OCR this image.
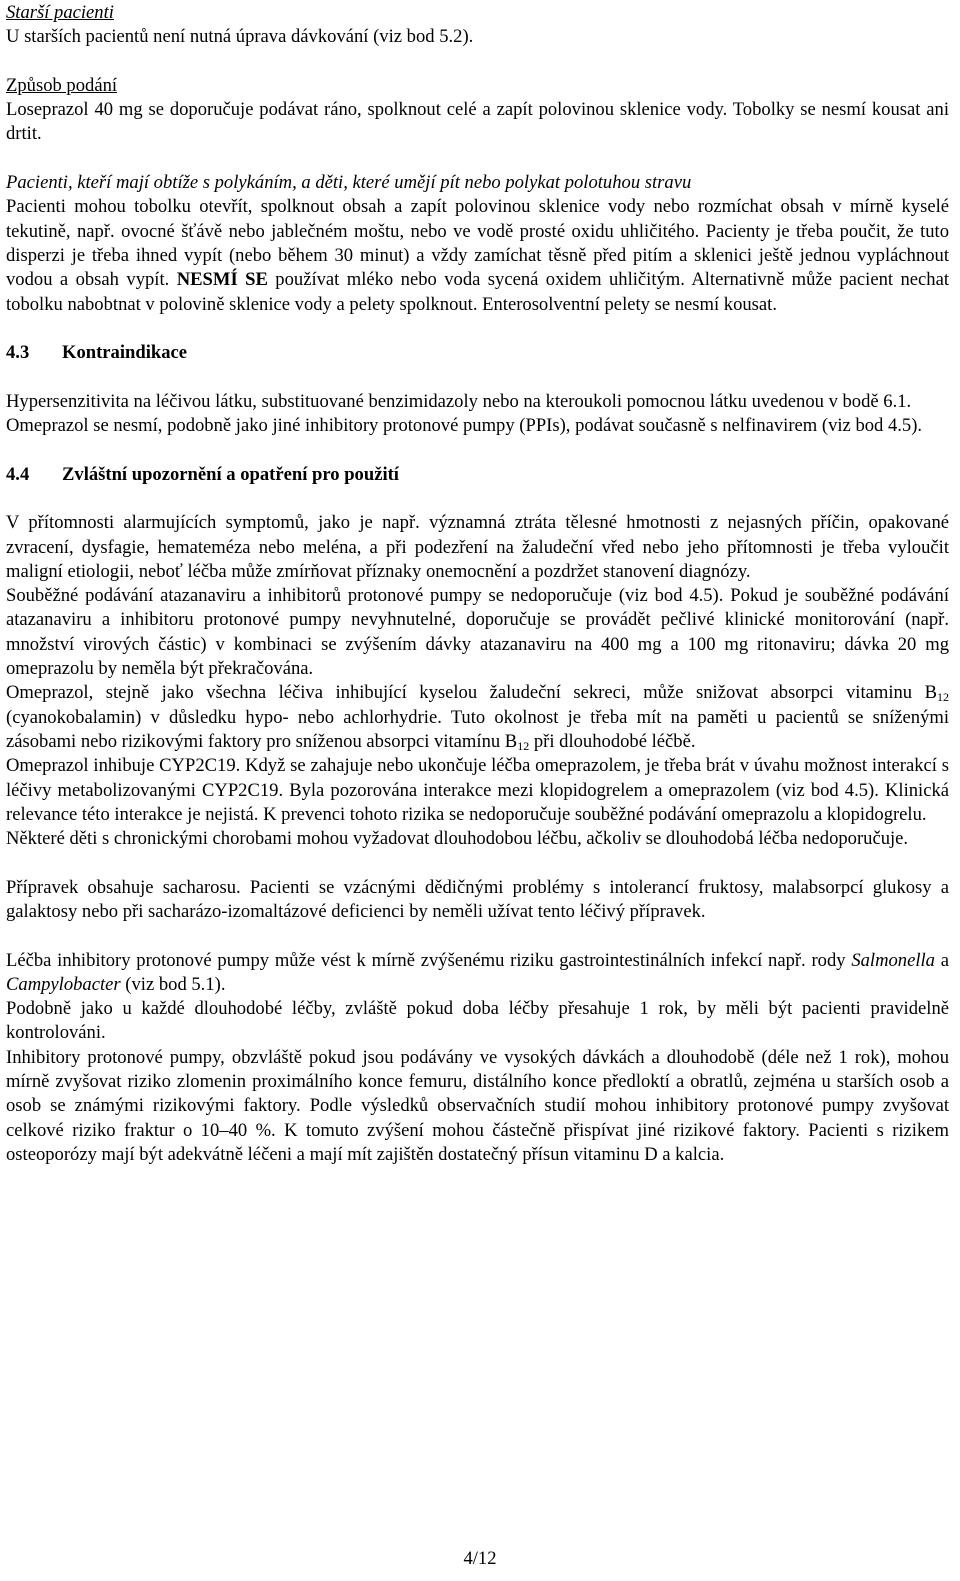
Starší pacienti

U starších pacientů není nutná úprava dávkování (viz bod 5.2).

Způsob podání

Loseprazol 40 mg se doporučuje podávat ráno, spolknout celé a zapít polovinou sklenice vody. Tobolky se nesmí kousat ani drtit.

Pacienti, kteří mají obtíže s polykáním, a děti, které umějí pít nebo polykat polotuhou stravu

Pacienti mohou tobolku otevřít, spolknout obsah a zapít polovinou sklenice vody nebo rozmíchat obsah v mírně kyselé tekutině, např. ovocné šťávě nebo jablečném moštu, nebo ve vodě prosté oxidu uhličitého. Pacienty je třeba poučit, že tuto disperzi je třeba ihned vypít (nebo během 30 minut) a vždy zamíchat těsně před pitím a sklenici ještě jednou vypláchnout vodou a obsah vypít. NESMÍ SE používat mléko nebo voda sycená oxidem uhličitým. Alternativně může pacient nechat tobolku nabobtnat v polovině sklenice vody a pelety spolknout. Enterosolventní pelety se nesmí kousat.

4.3 Kontraindikace

Hypersenzitivita na léčivou látku, substituované benzimidazoly nebo na kteroukoli pomocnou látku uvedenou v bodě 6.1.

Omeprazol se nesmí, podobně jako jiné inhibitory protonové pumpy (PPIs), podávat současně s nelfinavirem (viz bod 4.5).

4.4 Zvláštní upozornění a opatření pro použití

V přítomnosti alarmujících symptomů, jako je např. významná ztráta tělesné hmotnosti z nejasných příčin, opakované zvracení, dysfagie, hemateméza nebo meléna, a při podezření na žaludeční vřed nebo jeho přítomnosti je třeba vyloučit maligní etiologii, neboť léčba může zmírňovat příznaky onemocnění a pozdržet stanovení diagnózy.

Souběžné podávání atazanaviru a inhibitorů protonové pumpy se nedoporučuje (viz bod 4.5). Pokud je souběžné podávání atazanaviru a inhibitoru protonové pumpy nevyhnutelné, doporučuje se provádět pečlivé klinické monitorování (např. množství virových částic) v kombinaci se zvýšením dávky atazanaviru na 400 mg a 100 mg ritonaviru; dávka 20 mg omeprazolu by neměla být překračována.

Omeprazol, stejně jako všechna léčiva inhibující kyselou žaludeční sekreci, může snižovat absorpci vitaminu $B_{12}$ (cyanokobalamin) v důsledku hypo- nebo achlorhydrie. Tuto okolnost je třeba mít na paměti u pacientů se sníženými zásobami nebo rizikovými faktory pro sníženou absorpci vitamínu $B_{12}$ při dlouhodobé léčbě.

Omeprazol inhibuje CYP2C19. Když se zahajuje nebo ukončuje léčba omeprazolem, je třeba brát v úvahu možnost interakcí s léčivy metabolizovanými CYP2C19. Byla pozorována interakce mezi klopidogrelem a omeprazolem (viz bod 4.5). Klinická relevance této interakce je nejistá. K prevenci tohoto rizika se nedoporučuje souběžné podávání omeprazolu a klopidogrelu.

Některé děti s chronickými chorobami mohou vyžadovat dlouhodobou léčbu, ačkoliv se dlouhodobá léčba nedoporučuje.

Přípravek obsahuje sacharosu. Pacienti se vzácnými dědičnými problémy s intolerancí fruktosy, malabsorpcí glukosy a galaktosy nebo při sacharázo-izomaltázové deficienci by neměli užívat tento léčivý přípravek.

Léčba inhibitory protonové pumpy může vést k mírně zvýšenému riziku gastrointestinálních infekcí např. rody Salmonella a Campylobacter (viz bod 5.1).

Podobně jako u každé dlouhodobé léčby, zvláště pokud doba léčby přesahuje 1 rok, by měli být pacienti pravidelně kontrolováni.

Inhibitory protonové pumpy, obzvláště pokud jsou podávány ve vysokých dávkách a dlouhodobě (déle než 1 rok), mohou mírně zvyšovat riziko zlomenin proximálního konce femuru, distálního konce předloktí a obratlů, zejména u starších osob a osob se známými rizikovými faktory. Podle výsledků observačních studií mohou inhibitory protonové pumpy zvyšovat celkové riziko fraktur o 10–40 %. K tomuto zvýšení mohou částečně přispívat jiné rizikové faktory. Pacienti s rizikem osteoporózy mají být adekvátně léčeni a mají mít zajištěn dostatečný přísun vitaminu D a kalcia.

4/12
